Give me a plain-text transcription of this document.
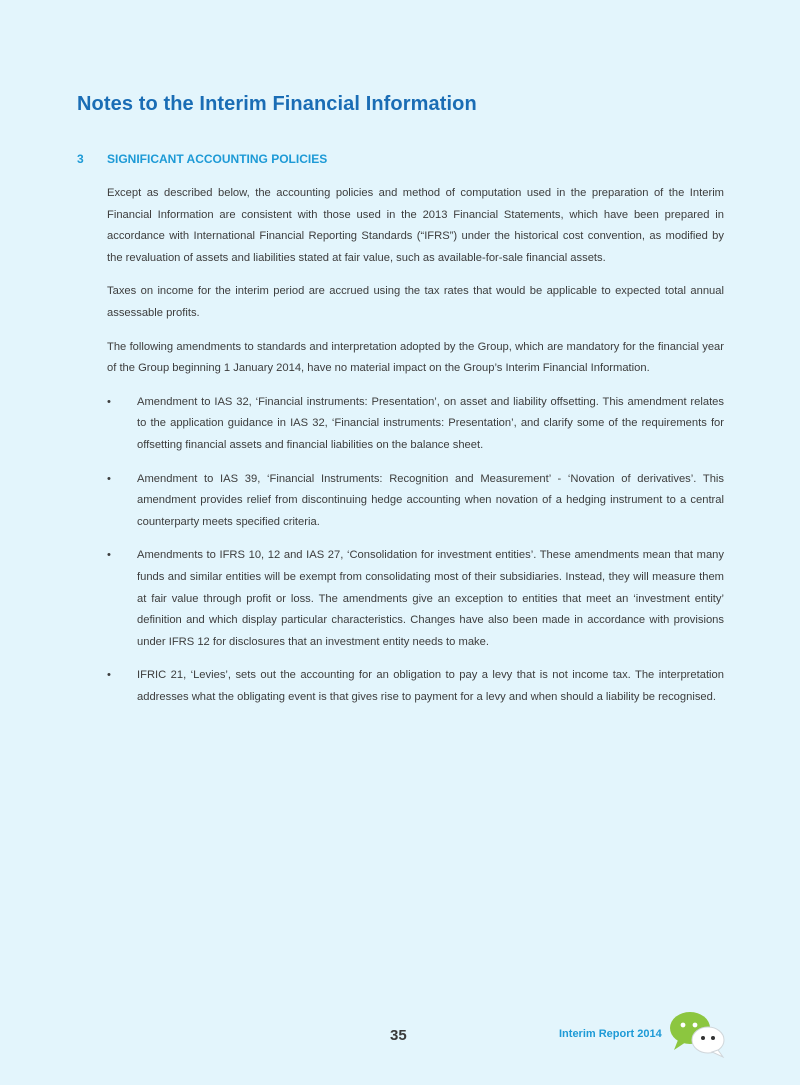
Notes to the Interim Financial Information
3 SIGNIFICANT ACCOUNTING POLICIES

Except as described below, the accounting policies and method of computation used in the preparation of the Interim Financial Information are consistent with those used in the 2013 Financial Statements, which have been prepared in accordance with International Financial Reporting Standards (“IFRS”) under the historical cost convention, as modified by the revaluation of assets and liabilities stated at fair value, such as available-for-sale financial assets.

Taxes on income for the interim period are accrued using the tax rates that would be applicable to expected total annual assessable profits.

The following amendments to standards and interpretation adopted by the Group, which are mandatory for the financial year of the Group beginning 1 January 2014, have no material impact on the Group’s Interim Financial Information.

• Amendment to IAS 32, ‘Financial instruments: Presentation’, on asset and liability offsetting. This amendment relates to the application guidance in IAS 32, ‘Financial instruments: Presentation’, and clarify some of the requirements for offsetting financial assets and financial liabilities on the balance sheet.
• Amendment to IAS 39, ‘Financial Instruments: Recognition and Measurement’ - ‘Novation of derivatives’. This amendment provides relief from discontinuing hedge accounting when novation of a hedging instrument to a central counterparty meets specified criteria.
• Amendments to IFRS 10, 12 and IAS 27, ‘Consolidation for investment entities’. These amendments mean that many funds and similar entities will be exempt from consolidating most of their subsidiaries. Instead, they will measure them at fair value through profit or loss. The amendments give an exception to entities that meet an ‘investment entity’ definition and which display particular characteristics. Changes have also been made in accordance with provisions under IFRS 12 for disclosures that an investment entity needs to make.
• IFRIC 21, ‘Levies’, sets out the accounting for an obligation to pay a levy that is not income tax. The interpretation addresses what the obligating event is that gives rise to payment for a levy and when should a liability be recognised.
35	Interim Report 2014
